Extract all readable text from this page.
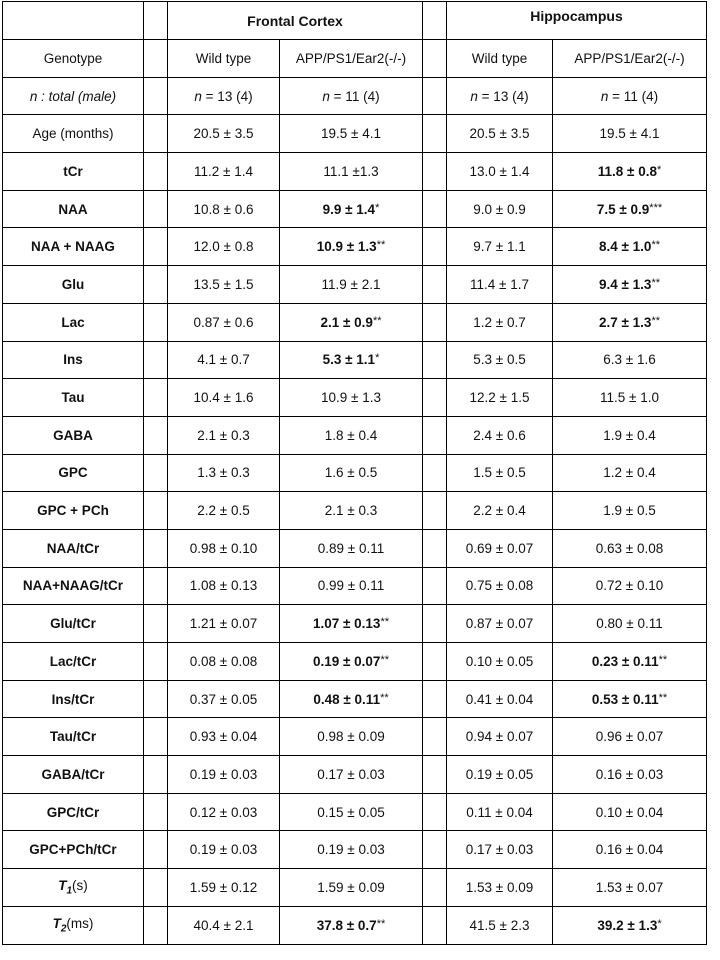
		Frontal Cortex			Hippocampus	
Genotype		Wild type	APP/PS1/Ear2(-/-)		Wild type	APP/PS1/Ear2(-/-)
n : total (male)		n = 13 (4)	n = 11 (4)		n = 13 (4)	n = 11 (4)
Age (months)		20.5 ± 3.5	19.5 ± 4.1		20.5 ± 3.5	19.5 ± 4.1
tCr		11.2 ± 1.4	11.1 ±1.3		13.0 ± 1.4	11.8 ± 0.8*
NAA		10.8 ± 0.6	9.9 ± 1.4*		9.0 ± 0.9	7.5 ± 0.9***
NAA + NAAG		12.0 ± 0.8	10.9 ± 1.3**		9.7 ± 1.1	8.4 ± 1.0**
Glu		13.5 ± 1.5	11.9 ± 2.1		11.4 ± 1.7	9.4 ± 1.3**
Lac		0.87 ± 0.6	2.1 ± 0.9**		1.2 ± 0.7	2.7 ± 1.3**
Ins		4.1 ± 0.7	5.3 ± 1.1*		5.3 ± 0.5	6.3 ± 1.6
Tau		10.4 ± 1.6	10.9 ± 1.3		12.2 ± 1.5	11.5 ± 1.0
GABA		2.1 ± 0.3	1.8 ± 0.4		2.4 ± 0.6	1.9 ± 0.4
GPC		1.3 ± 0.3	1.6 ± 0.5		1.5 ± 0.5	1.2 ± 0.4
GPC + PCh		2.2 ± 0.5	2.1 ± 0.3		2.2 ± 0.4	1.9 ± 0.5
NAA/tCr		0.98 ± 0.10	0.89 ± 0.11		0.69 ± 0.07	0.63 ± 0.08
NAA+NAAG/tCr		1.08 ± 0.13	0.99 ± 0.11		0.75 ± 0.08	0.72 ± 0.10
Glu/tCr		1.21 ± 0.07	1.07 ± 0.13**		0.87 ± 0.07	0.80 ± 0.11
Lac/tCr		0.08 ± 0.08	0.19 ± 0.07**		0.10 ± 0.05	0.23 ± 0.11**
Ins/tCr		0.37 ± 0.05	0.48 ± 0.11**		0.41 ± 0.04	0.53 ± 0.11**
Tau/tCr		0.93 ± 0.04	0.98 ± 0.09		0.94 ± 0.07	0.96 ± 0.07
GABA/tCr		0.19 ± 0.03	0.17 ± 0.03		0.19 ± 0.05	0.16 ± 0.03
GPC/tCr		0.12 ± 0.03	0.15 ± 0.05		0.11 ± 0.04	0.10 ± 0.04
GPC+PCh/tCr		0.19 ± 0.03	0.19 ± 0.03		0.17 ± 0.03	0.16 ± 0.04
$T_1(s)$		1.59 ± 0.12	1.59 ± 0.09		1.53 ± 0.09	1.53 ± 0.07
$T_2(ms)$		40.4 ± 2.1	37.8 ± 0.7**		41.5 ± 2.3	39.2 ± 1.3*
